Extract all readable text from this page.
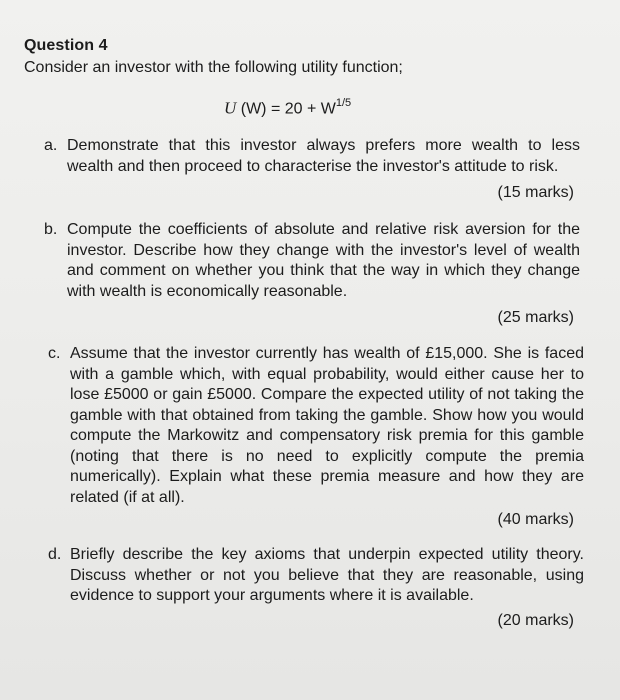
Question 4
Consider an investor with the following utility function;
U $(W) = 20 + W^{1/5}$
a. Demonstrate that this investor always prefers more wealth to less wealth and then proceed to characterise the investor's attitude to risk.
(15 marks)
b. Compute the coefficients of absolute and relative risk aversion for the investor. Describe how they change with the investor's level of wealth and comment on whether you think that the way in which they change with wealth is economically reasonable.
(25 marks)
c. Assume that the investor currently has wealth of £15,000. She is faced with a gamble which, with equal probability, would either cause her to lose £5000 or gain £5000. Compare the expected utility of not taking the gamble with that obtained from taking the gamble. Show how you would compute the Markowitz and compensatory risk premia for this gamble (noting that there is no need to explicitly compute the premia numerically). Explain what these premia measure and how they are related (if at all).
(40 marks)
d. Briefly describe the key axioms that underpin expected utility theory. Discuss whether or not you believe that they are reasonable, using evidence to support your arguments where it is available.
(20 marks)
